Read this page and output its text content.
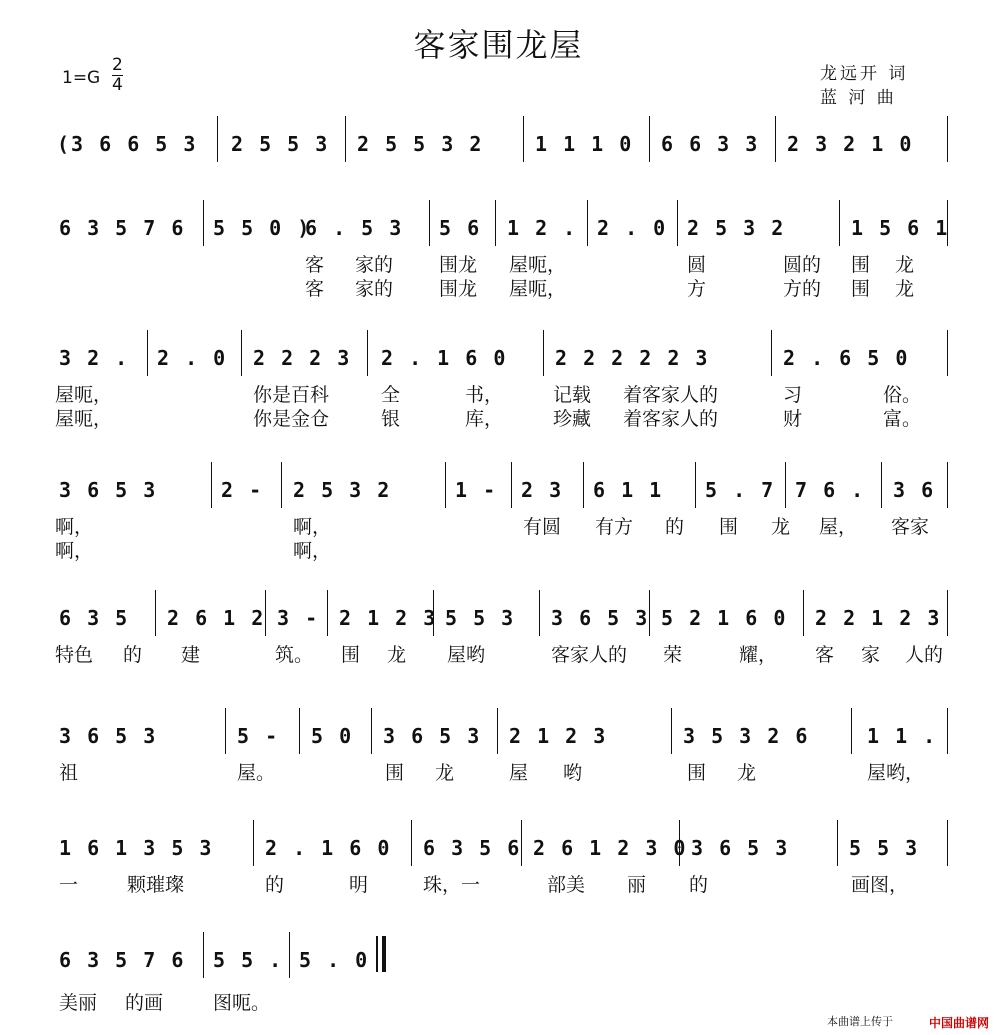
客家围龙屋
1=G
2
4
龙远开 词
蓝 河 曲
(3 6 6 5 3 2 5 5 3 2 5 5 3 2	1 1 1 0 6 6 3 3 2 3 2 1 0
6 3 5 7 6 5 5 0 )
6 . 5 3 5 6 1 2 . 2 . 0 2 5 3 2	1 5 6 1
客 家的 围龙 屋呃，	圆	圆的 围 龙
客 家的 围龙 屋呃，	方	方的 围 龙
3 2 . 2 . 0 2 2 2 3 2 . 1 6 0 2 2 2 2 2 3	2 . 6 5 0
屋呃，	你是百科	全	书，	记载 着客家人的	习	俗。
屋呃，	你是金仓	银	库，	珍藏 着客家人的	财	富。
3 6 5 3	2 - 2 5 3 2	1 - 2 3 6 1 1 5 . 7 7 6 . 3 6
啊，	啊，	有圆 有方 的 围 龙 屋， 客家
啊，	啊，
6 3 5 2 6 1 2 3 - 2 1 2 3 5 5 3 3 6 5 3 5 2 1 6 0 2 2 1 2 3
特色 的 建	筑。 围 龙 屋哟	客家人的 荣	耀， 客 家 人的
3 6 5 3	5 - 5 0 3 6 5 3 2 1 2 3	3 5 3 2 6	1 1 .
祖	屋。	围 龙	屋 哟	围 龙	屋哟，
1 6 1 3 5 3	2 . 1 6 0 6 3 5 6 2 6 1 2 3 0 3 6 5 3	5 5 3
一	颗璀璨	的	明	珠，一	部美 丽 的	画图，
6 3 5 7 6 5 5 . 5 . 0
美丽 的画	图呃。
本曲谱上传于	中国曲谱网
